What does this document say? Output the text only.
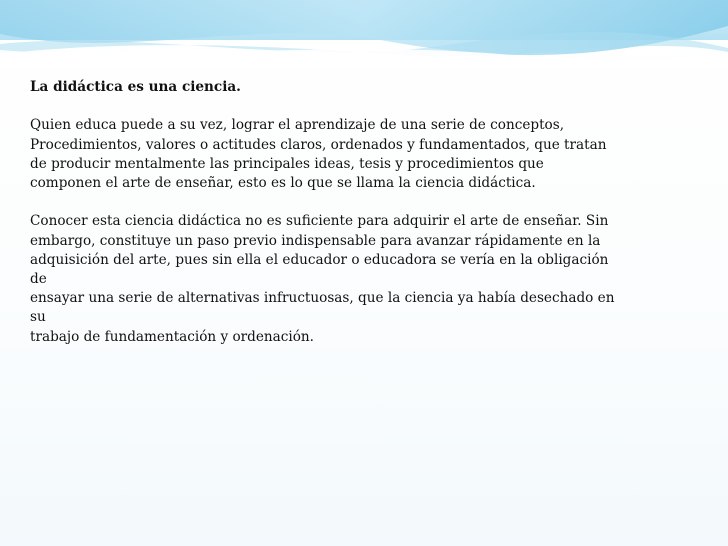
La didáctica es una ciencia.
Quien educa puede a su vez, lograr el aprendizaje de una serie de conceptos,
Procedimientos, valores o actitudes claros, ordenados y fundamentados, que tratan
de producir mentalmente las principales ideas, tesis y procedimientos que
componen el arte de enseñar, esto es lo que se llama la ciencia didáctica.
Conocer esta ciencia didáctica no es suficiente para adquirir el arte de enseñar. Sin
embargo, constituye un paso previo indispensable para avanzar rápidamente en la
adquisición del arte, pues sin ella el educador o educadora se vería en la obligación
de
ensayar una serie de alternativas infructuosas, que la ciencia ya había desechado en
su
trabajo de fundamentación y ordenación.
